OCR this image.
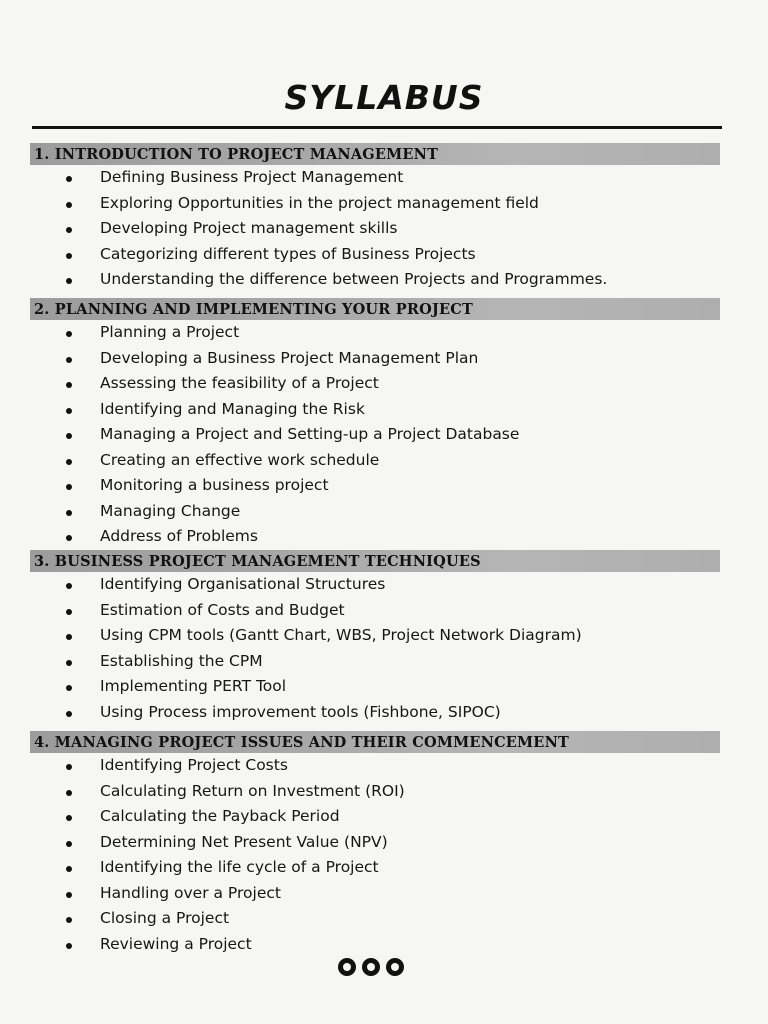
SYLLABUS
1. INTRODUCTION TO PROJECT MANAGEMENT
Defining Business Project Management
Exploring Opportunities in the project management field
Developing Project management skills
Categorizing different types of Business Projects
Understanding the difference between Projects and Programmes.
2. PLANNING AND IMPLEMENTING YOUR PROJECT
Planning a Project
Developing a Business Project Management Plan
Assessing the feasibility of a Project
Identifying and Managing the Risk
Managing a Project and Setting-up a Project Database
Creating an effective work schedule
Monitoring a business project
Managing Change
Address of Problems
3. BUSINESS PROJECT MANAGEMENT TECHNIQUES
Identifying Organisational Structures
Estimation of Costs and Budget
Using CPM tools (Gantt Chart, WBS, Project Network Diagram)
Establishing the CPM
Implementing PERT Tool
Using Process improvement tools (Fishbone, SIPOC)
4. MANAGING PROJECT ISSUES AND THEIR COMMENCEMENT
Identifying Project Costs
Calculating Return on Investment (ROI)
Calculating the Payback Period
Determining Net Present Value (NPV)
Identifying the life cycle of a Project
Handling over a Project
Closing a Project
Reviewing a Project
